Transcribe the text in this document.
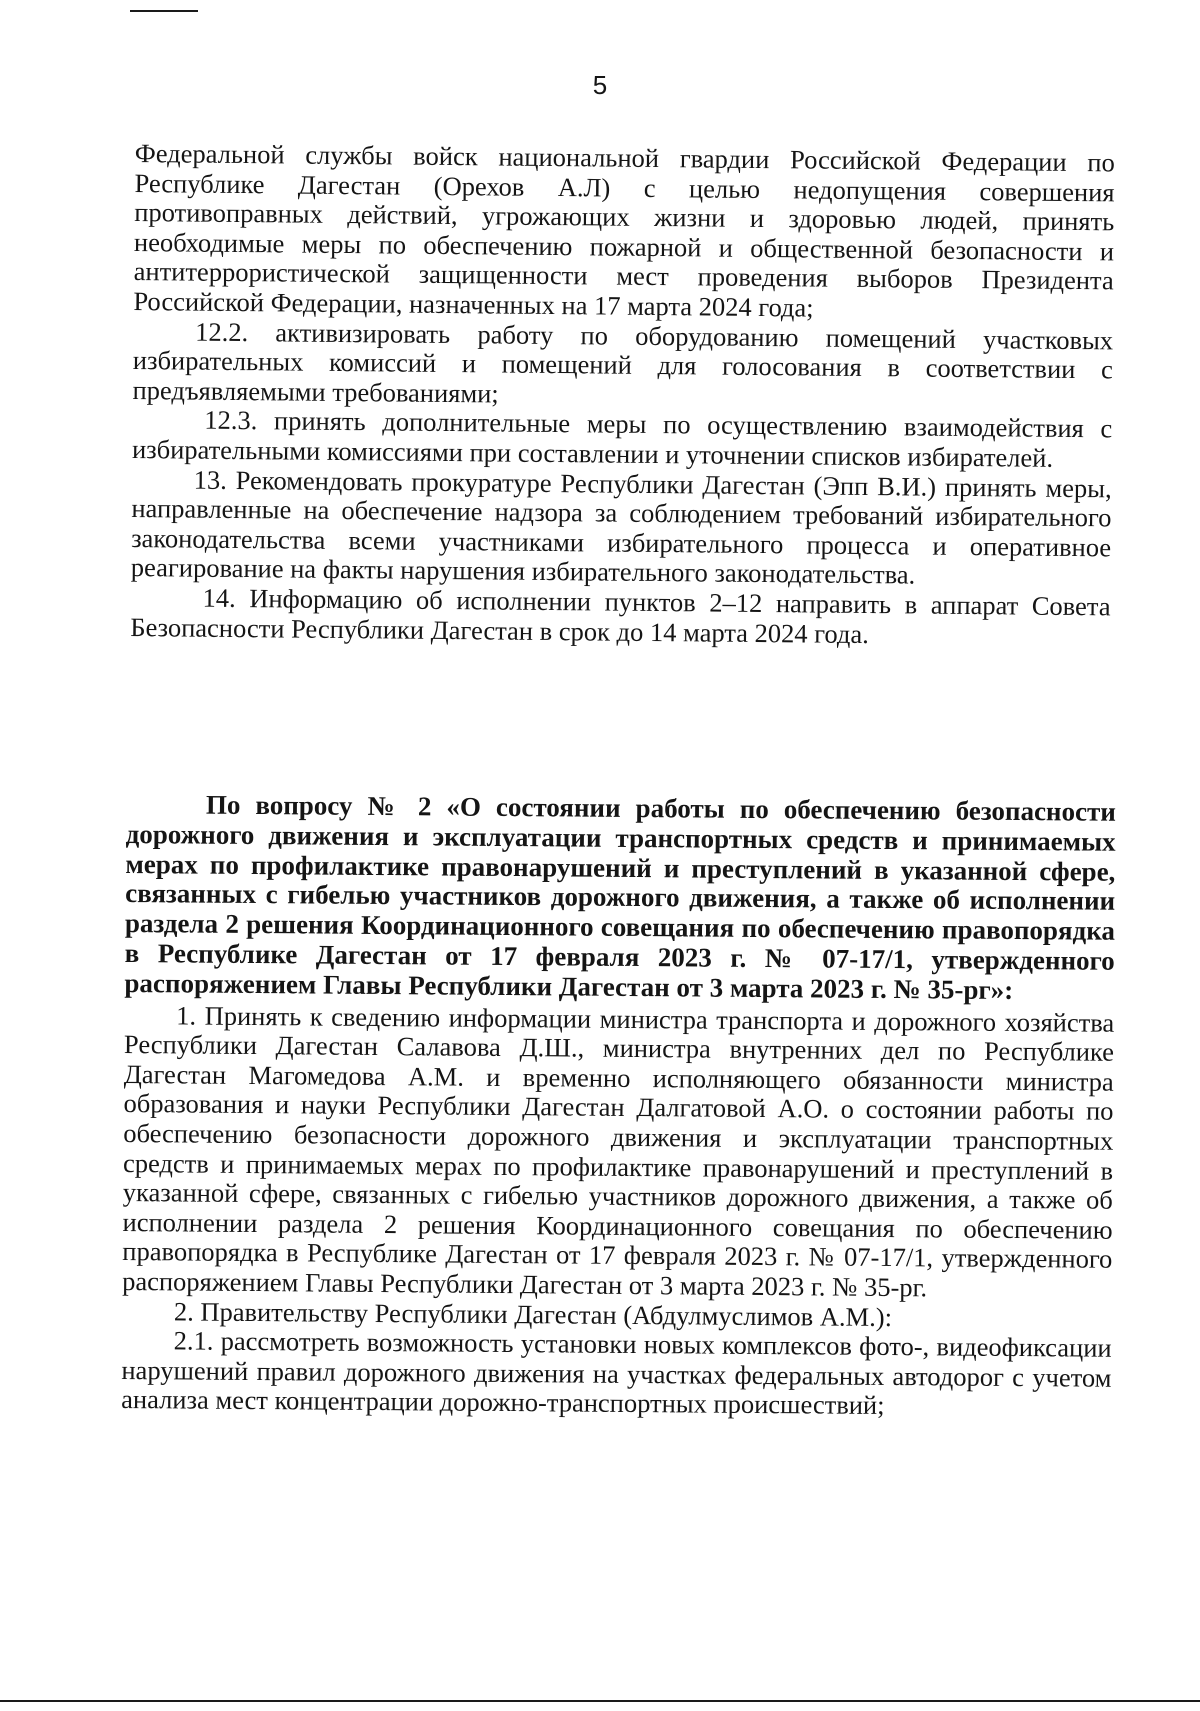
5

Федеральной службы войск национальной гвардии Российской Федерации по Республике Дагестан (Орехов А.Л) с целью недопущения совершения противоправных действий, угрожающих жизни и здоровью людей, принять необходимые меры по обеспечению пожарной и общественной безопасности и антитеррористической защищенности мест проведения выборов Президента Российской Федерации, назначенных на 17 марта 2024 года;

12.2. активизировать работу по оборудованию помещений участковых избирательных комиссий и помещений для голосования в соответствии с предъявляемыми требованиями;

12.3. принять дополнительные меры по осуществлению взаимодействия с избирательными комиссиями при составлении и уточнении списков избирателей.

13. Рекомендовать прокуратуре Республики Дагестан (Эпп В.И.) принять меры, направленные на обеспечение надзора за соблюдением требований избирательного законодательства всеми участниками избирательного процесса и оперативное реагирование на факты нарушения избирательного законодательства.

14. Информацию об исполнении пунктов 2–12 направить в аппарат Совета Безопасности Республики Дагестан в срок до 14 марта 2024 года.

По вопросу № 2 «О состоянии работы по обеспечению безопасности дорожного движения и эксплуатации транспортных средств и принимаемых мерах по профилактике правонарушений и преступлений в указанной сфере, связанных с гибелью участников дорожного движения, а также об исполнении раздела 2 решения Координационного совещания по обеспечению правопорядка в Республике Дагестан от 17 февраля 2023 г. № 07-17/1, утвержденного распоряжением Главы Республики Дагестан от 3 марта 2023 г. № 35-рг»:

1. Принять к сведению информации министра транспорта и дорожного хозяйства Республики Дагестан Салавова Д.Ш., министра внутренних дел по Республике Дагестан Магомедова А.М. и временно исполняющего обязанности министра образования и науки Республики Дагестан Далгатовой А.О. о состоянии работы по обеспечению безопасности дорожного движения и эксплуатации транспортных средств и принимаемых мерах по профилактике правонарушений и преступлений в указанной сфере, связанных с гибелью участников дорожного движения, а также об исполнении раздела 2 решения Координационного совещания по обеспечению правопорядка в Республике Дагестан от 17 февраля 2023 г. № 07-17/1, утвержденного распоряжением Главы Республики Дагестан от 3 марта 2023 г. № 35-рг.

2. Правительству Республики Дагестан (Абдулмуслимов А.М.):

2.1. рассмотреть возможность установки новых комплексов фото-, видеофиксации нарушений правил дорожного движения на участках федеральных автодорог с учетом анализа мест концентрации дорожно-транспортных происшествий;
